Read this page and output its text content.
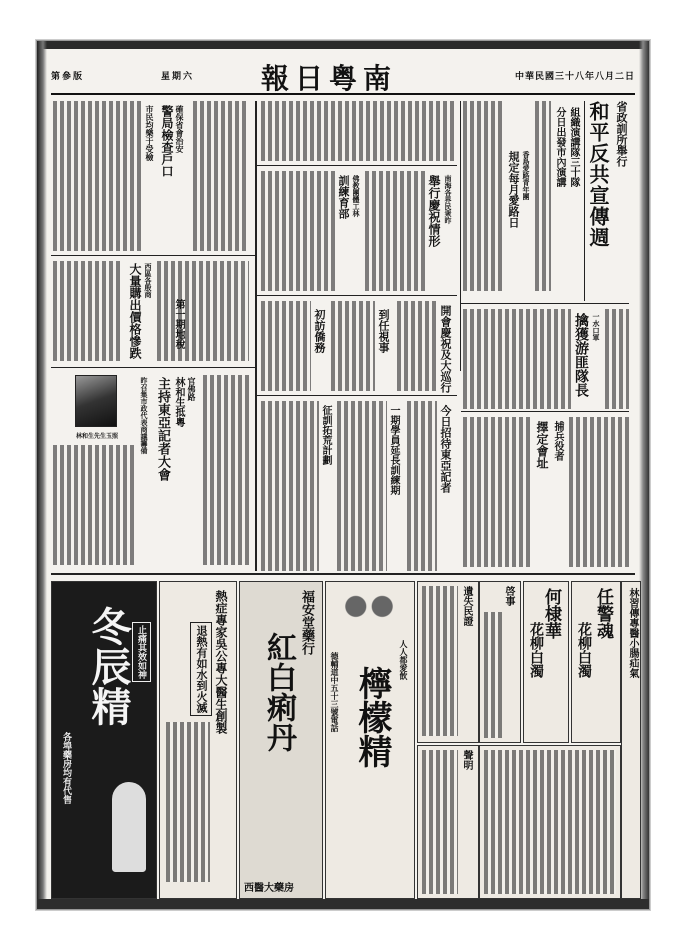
第參版	星期六 報日粤南	中華民國三十八年八月二日
省政訓所舉行
和平反共宣傳週
組織演講隊三十隊
分日出發市內演講
香島愛路青年團
規定每月愛路日
一水口軍
擒獲游匪隊長
捕兵役者
擇定會址
南海各界民衆昨
舉行慶祝情形
佛教團體工林
訓練育部
開會慶祝及大巡行
到任視事
初訪僑務
今日招待東亞記者
一期學員延長訓練期
征訓拓荒計劃
確保省會治安
警局檢查戶口
市民均樂于受檢
西區各殷商
大量購出價格慘跌	第一期地稅
林和生先生玉照
官佛路
林和生抵粵
主持東亞記者大會
昨召集市政代表商議籌備
冬辰精 止痛其效如神
各埠藥房均有代售
熱症專家吳公專大醫生創製
退熱有如水到火滅
福安堂藥行
紅白痢丹
西醫大藥房
人人都愛飲
檸檬精
德輔道中五十三號電話
遺失民證	啓事
聲明
何棣華
花柳白濁
任警魂
花柳白濁	林習傳專醫小腸疝氣
